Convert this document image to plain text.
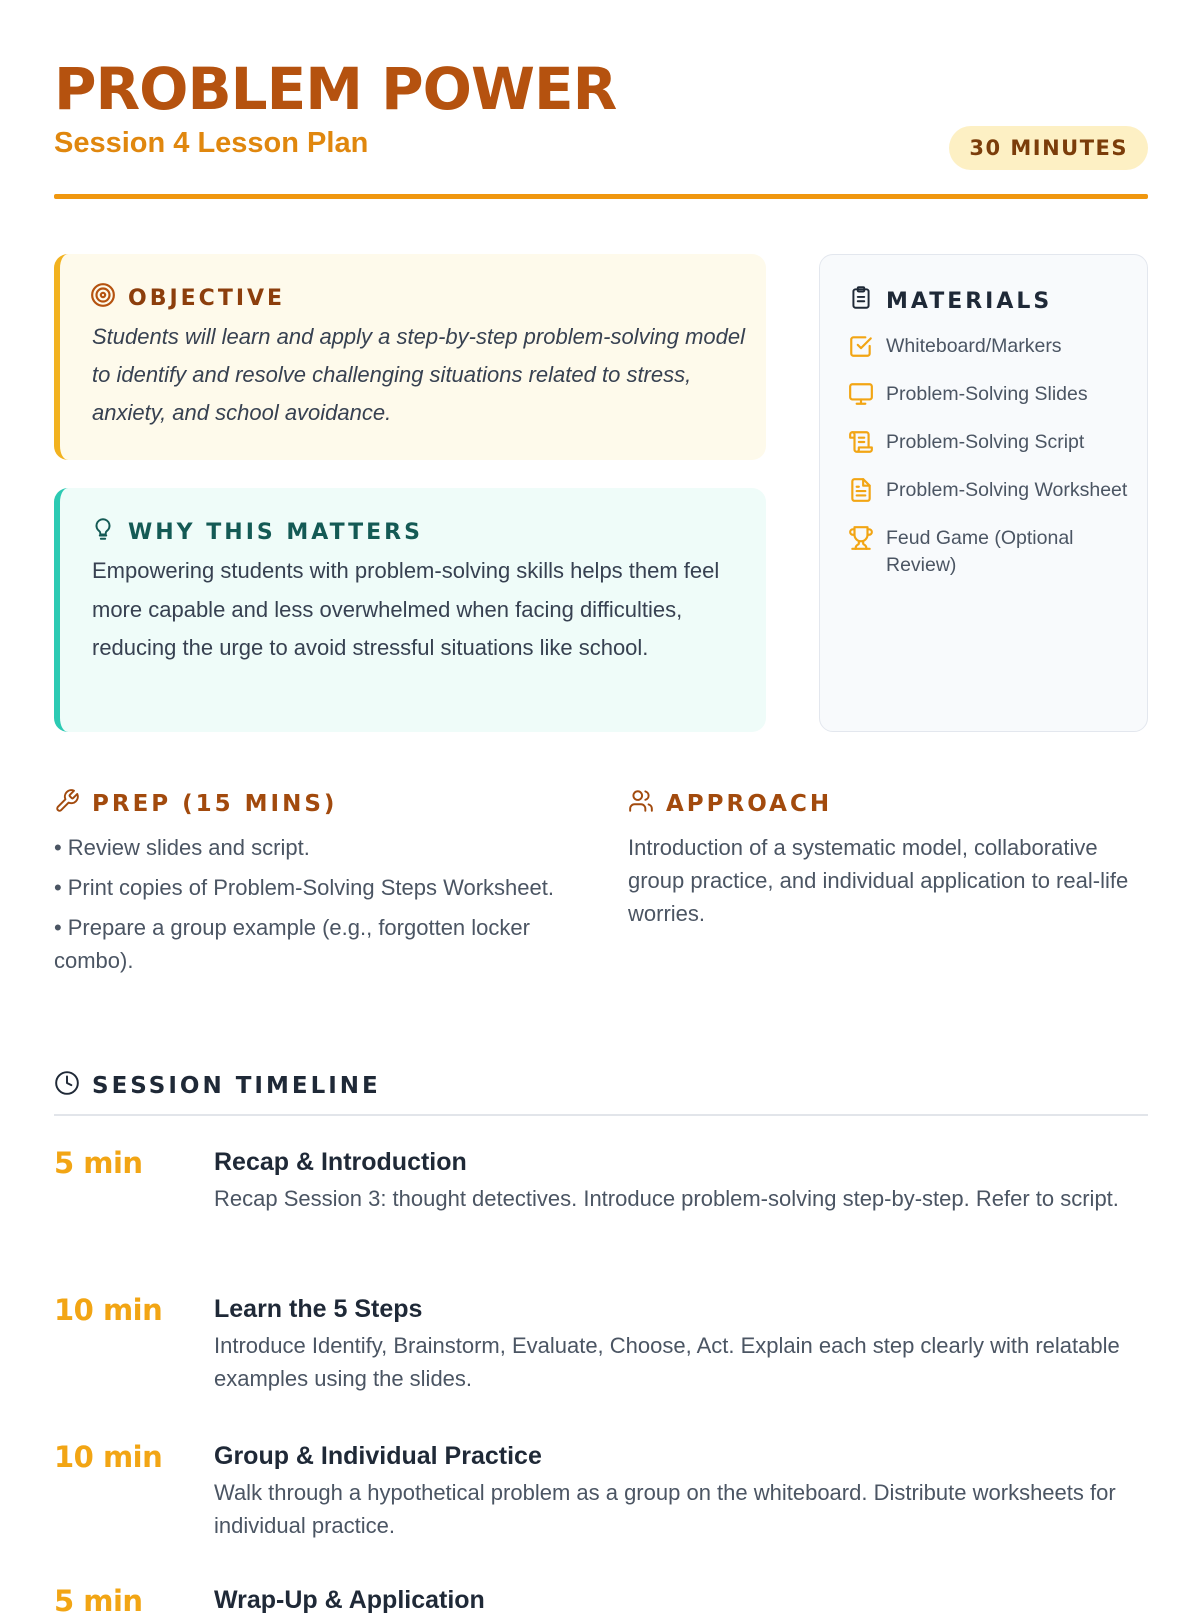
PROBLEM POWER
Session 4 Lesson Plan	30 MINUTES
OBJECTIVE

Students will learn and apply a step-by-step problem-solving model to identify and resolve challenging situations related to stress, anxiety, and school avoidance.

WHY THIS MATTERS

Empowering students with problem-solving skills helps them feel more capable and less overwhelmed when facing difficulties, reducing the urge to avoid stressful situations like school.

MATERIALS
Whiteboard/Markers
Problem-Solving Slides
Problem-Solving Script
Problem-Solving Worksheet
Feud Game (Optional Review)
PREP (15 MINS)
• Review slides and script.
• Print copies of Problem-Solving Steps Worksheet.
• Prepare a group example (e.g., forgotten locker combo).
APPROACH

Introduction of a systematic model, collaborative group practice, and individual application to real-life worries.

SESSION TIMELINE
5 min	Recap & Introduction
Recap Session 3: thought detectives. Introduce problem-solving step-by-step. Refer to script.
10 min Learn the 5 Steps
Introduce Identify, Brainstorm, Evaluate, Choose, Act. Explain each step clearly with relatable examples using the slides.
10 min Group & Individual Practice
Walk through a hypothetical problem as a group on the whiteboard. Distribute worksheets for individual practice.
5 min	Wrap-Up & Application
